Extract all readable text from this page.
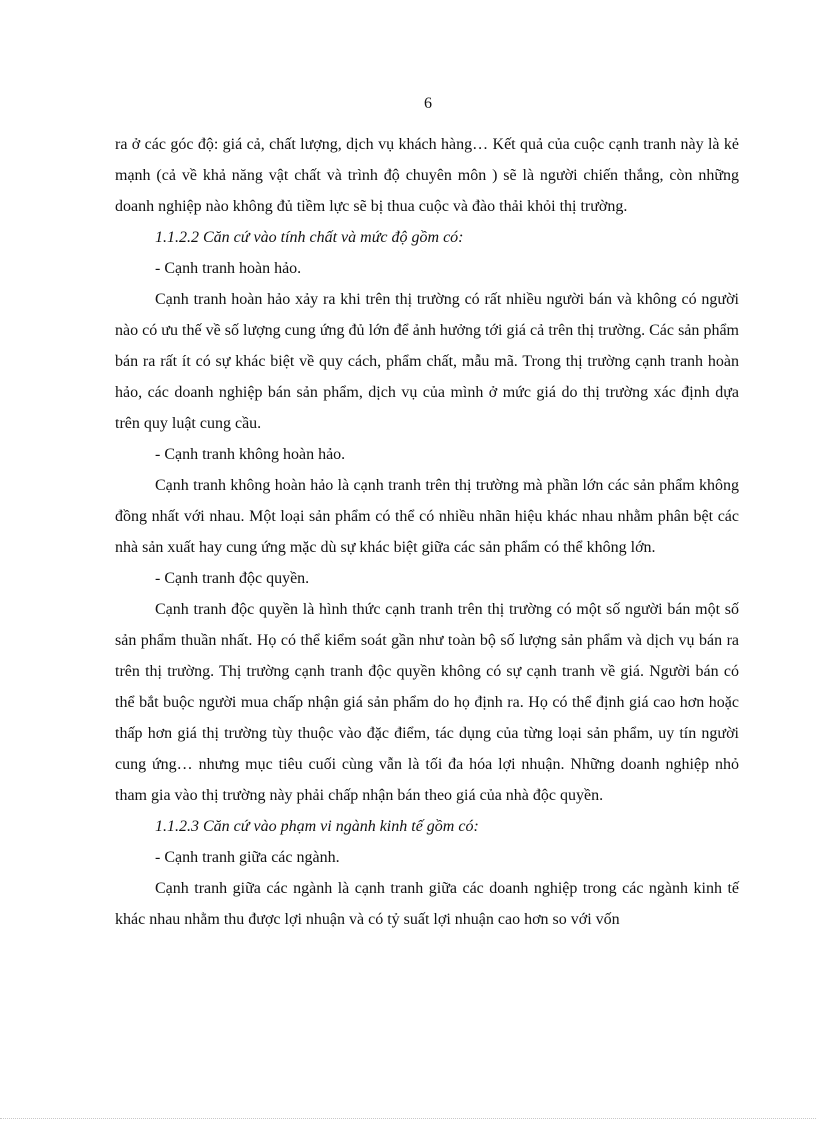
6

ra ở các góc độ: giá cả, chất lượng, dịch vụ khách hàng… Kết quả của cuộc cạnh tranh này là kẻ mạnh (cả về khả năng vật chất và trình độ chuyên môn ) sẽ là người chiến thắng, còn những doanh nghiệp nào không đủ tiềm lực sẽ bị thua cuộc và đào thải khỏi thị trường.

1.1.2.2 Căn cứ vào tính chất và mức độ gồm có:

- Cạnh tranh hoàn hảo.

Cạnh tranh hoàn hảo xảy ra khi trên thị trường có rất nhiều người bán và không có người nào có ưu thế về số lượng cung ứng đủ lớn để ảnh hưởng tới giá cả trên thị trường. Các sản phẩm bán ra rất ít có sự khác biệt về quy cách, phẩm chất, mẫu mã. Trong thị trường cạnh tranh hoàn hảo, các doanh nghiệp bán sản phẩm, dịch vụ của mình ở mức giá do thị trường xác định dựa trên quy luật cung cầu.

- Cạnh tranh không hoàn hảo.

Cạnh tranh không hoàn hảo là cạnh tranh trên thị trường mà phần lớn các sản phẩm không đồng nhất với nhau. Một loại sản phẩm có thể có nhiều nhãn hiệu khác nhau nhằm phân bệt các nhà sản xuất hay cung ứng mặc dù sự khác biệt giữa các sản phẩm có thể không lớn.

- Cạnh tranh độc quyền.

Cạnh tranh độc quyền là hình thức cạnh tranh trên thị trường có một số người bán một số sản phẩm thuần nhất. Họ có thể kiểm soát gần như toàn bộ số lượng sản phẩm và dịch vụ bán ra trên thị trường. Thị trường cạnh tranh độc quyền không có sự cạnh tranh về giá. Người bán có thể bắt buộc người mua chấp nhận giá sản phẩm do họ định ra. Họ có thể định giá cao hơn hoặc thấp hơn giá thị trường tùy thuộc vào đặc điểm, tác dụng của từng loại sản phẩm, uy tín người cung ứng… nhưng mục tiêu cuối cùng vẫn là tối đa hóa lợi nhuận. Những doanh nghiệp nhỏ tham gia vào thị trường này phải chấp nhận bán theo giá của nhà độc quyền.

1.1.2.3 Căn cứ vào phạm vi ngành kinh tế gồm có:

- Cạnh tranh giữa các ngành.

Cạnh tranh giữa các ngành là cạnh tranh giữa các doanh nghiệp trong các ngành kinh tế khác nhau nhằm thu được lợi nhuận và có tỷ suất lợi nhuận cao hơn so với vốn
